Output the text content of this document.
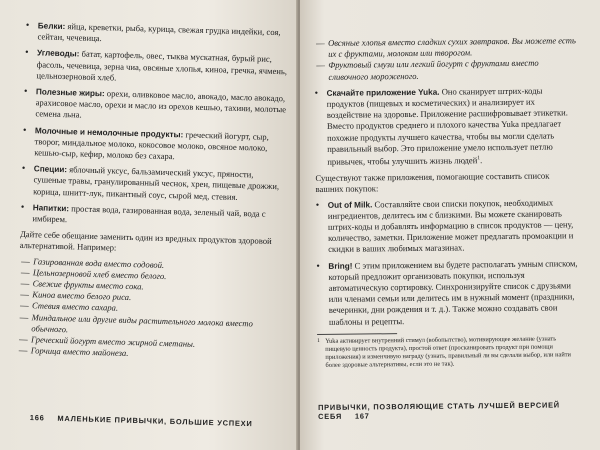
• Белки: яйца, креветки, рыба, курица, свежая грудка индейки, соя, сейтан, чечевица.
• Углеводы: батат, картофель, овес, тыква мускатная, бурый рис, фасоль, чечевица, зерна чиа, овсяные хлопья, киноа, гречка, ячмень, цельнозерновой хлеб.
• Полезные жиры: орехи, оливковое масло, авокадо, масло авокадо, арахисовое масло, орехи и масло из орехов кешью, тахини, молотые семена льна.
• Молочные и немолочные продукты: греческий йогурт, сыр, творог, миндальное молоко, кокосовое молоко, овсяное молоко, кешью-сыр, кефир, молоко без сахара.
• Специи: яблочный уксус, бальзамический уксус, пряности, сушеные травы, гранулированный чеснок, хрен, пищевые дрожжи, корица, шнитт-лук, пикантный соус, сырой мед, стевия.
• Напитки: простая вода, газированная вода, зеленый чай, вода с имбирем.

Дайте себе обещание заменить один из вредных продуктов здоровой альтернативой. Например:

— Газированная вода вместо содовой.
— Цельнозерновой хлеб вместо белого.
— Свежие фрукты вместо сока.
— Киноа вместо белого риса.
— Стевия вместо сахара.
— Миндальное или другие виды растительного молока вместо обычного.
— Греческий йогурт вместо жирной сметаны.
— Горчица вместо майонеза.
166 МАЛЕНЬКИЕ ПРИВЫЧКИ, БОЛЬШИЕ УСПЕХИ
— Овсяные хлопья вместо сладких сухих завтраков. Вы можете есть их с фруктами, молоком или творогом.
— Фруктовый смузи или легкий йогурт с фруктами вместо сливочного мороженого.
• Скачайте приложение Yuka. Оно сканирует штрих-коды продуктов (пищевых и косметических) и анализирует их воздействие на здоровье. Приложение расшифровывает этикетки. Вместо продуктов среднего и плохого качества Yuka предлагает похожие продукты лучшего качества, чтобы вы могли сделать правильный выбор. Это приложение умело использует петлю привычек, чтобы улучшить жизнь людей$^1$.

Существуют также приложения, помогающие составить список вашних покупок:

• Out of Milk. Составляйте свои списки покупок, необходимых ингредиентов, делитесь им с близкими. Вы можете сканировать штрих-коды и добавлять информацию в список продуктов — цену, количество, заметки. Приложение может предлагать промоакции и скидки в ваших любимых магазинах.
• Bring! С этим приложением вы будете располагать умным списком, который предложит организовать покупки, используя автоматическую сортировку. Синхронизируйте список с друзьями или членами семьи или делитесь им в нужный момент (праздники, вечеринки, дни рождения и т. д.). Также можно создавать свои шаблоны и рецепты.
1 Yuka активирует внутренний стимул (вобопытство), мотивирующее желание (узнать пищевую ценность продукта), простой ответ (просканировать продукт при помощи приложения) и изменчивую награду (узнать, правильный ли вы сделали выбор, или найти более здоровые альтернативы, если это не так).
ПРИВЫЧКИ, ПОЗВОЛЯЮЩИЕ СТАТЬ ЛУЧШЕЙ ВЕРСИЕЙ СЕБЯ 167
